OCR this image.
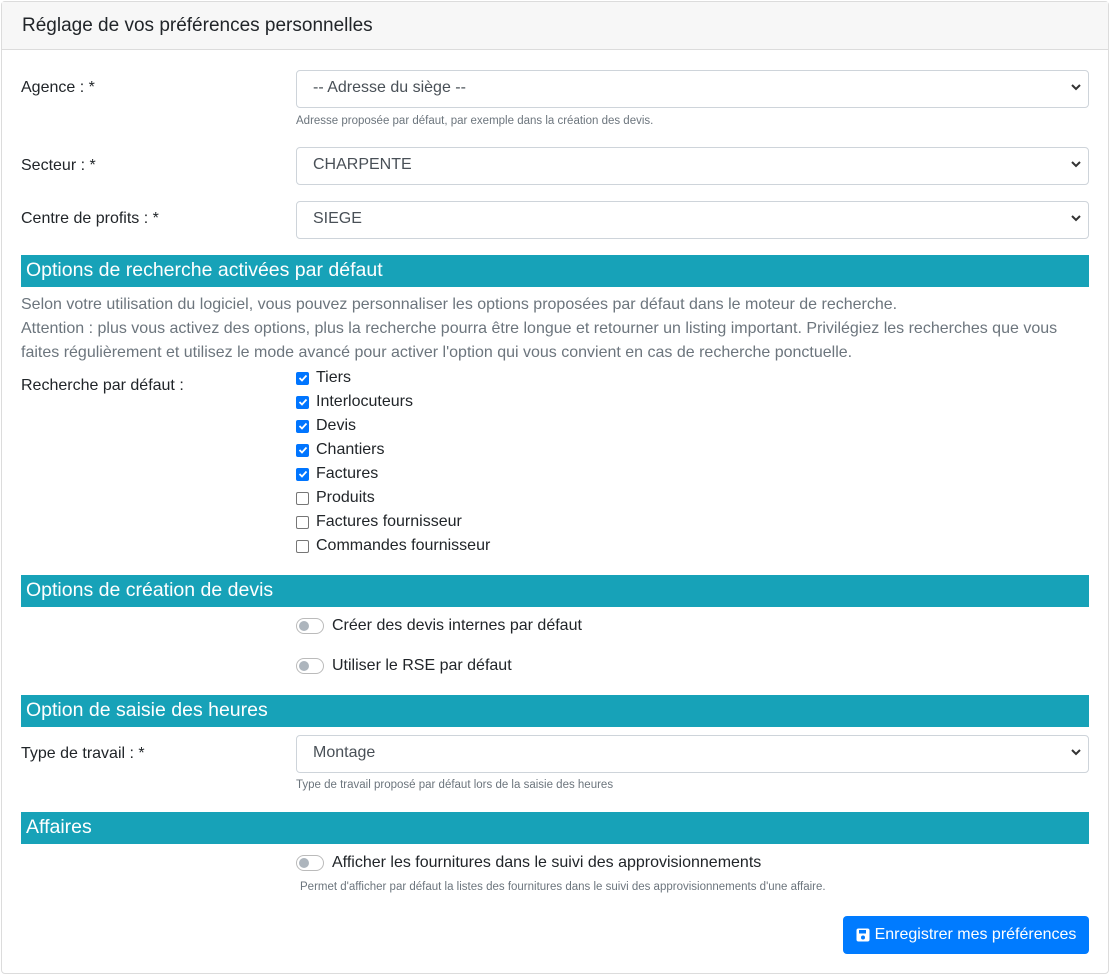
Réglage de vos préférences personnelles
Agence : *	-- Adresse du siège --
Adresse proposée par défaut, par exemple dans la création des devis.
Secteur : *	CHARPENTE
Centre de profits : *	SIEGE
Options de recherche activées par défaut
Selon votre utilisation du logiciel, vous pouvez personnaliser les options proposées par défaut dans le moteur de recherche.
Attention : plus vous activez des options, plus la recherche pourra être longue et retourner un listing important. Privilégiez les recherches que vous faites régulièrement et utilisez le mode avancé pour activer l'option qui vous convient en cas de recherche ponctuelle.
Recherche par défaut :	Tiers
Interlocuteurs
Devis
Chantiers
Factures
Produits
Factures fournisseur
Commandes fournisseur
Options de création de devis
Créer des devis internes par défaut
Utiliser le RSE par défaut
Option de saisie des heures
Type de travail : *	Montage
Type de travail proposé par défaut lors de la saisie des heures
Affaires
Afficher les fournitures dans le suivi des approvisionnements
Permet d'afficher par défaut la listes des fournitures dans le suivi des approvisionnements d'une affaire.
Enregistrer mes préférences
